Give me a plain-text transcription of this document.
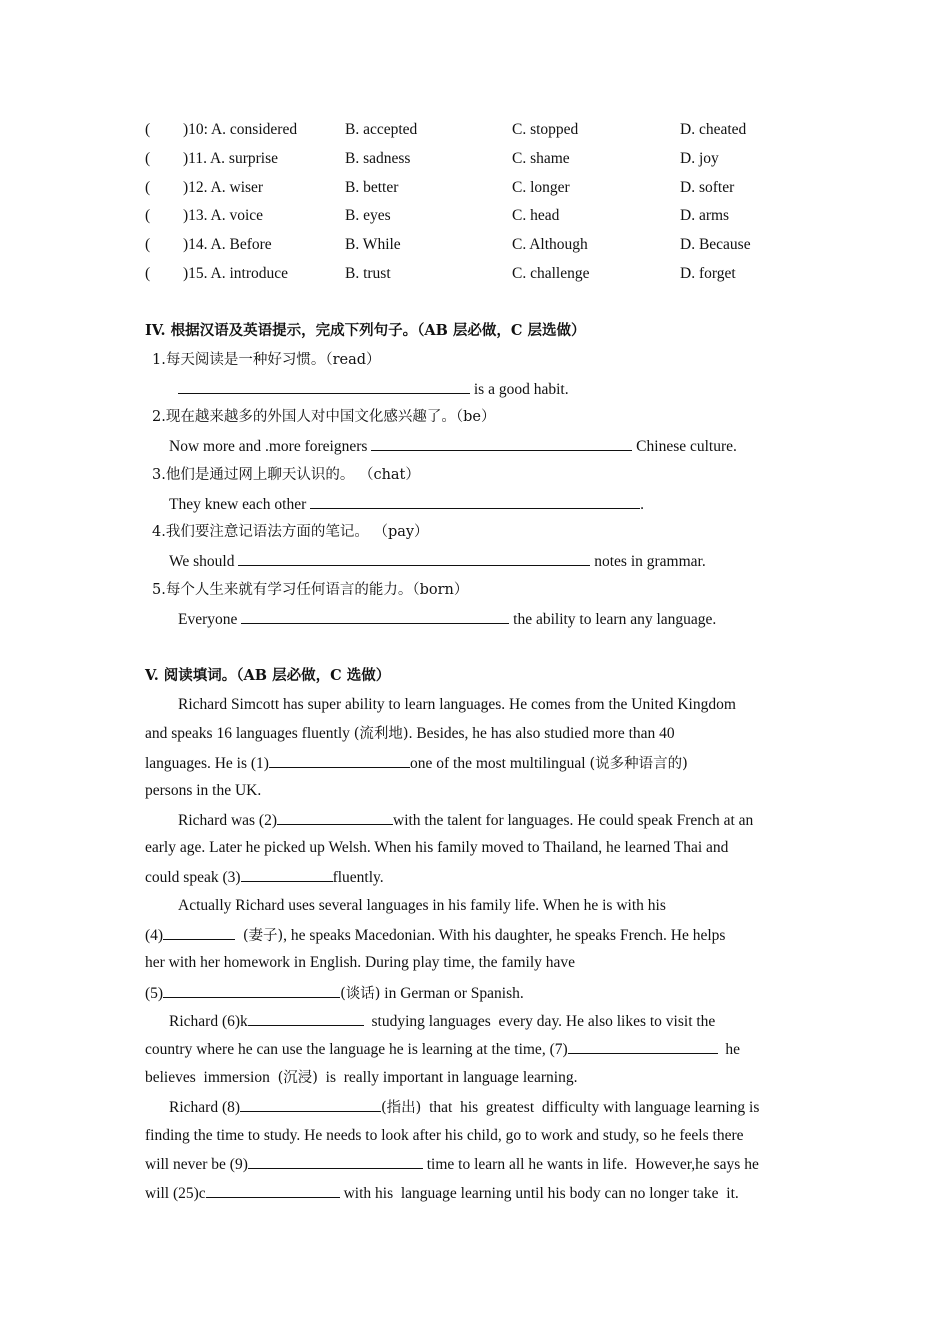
( )10: A. considered	B. accepted	C. stopped	D. cheated
( )11. A. surprise	B. sadness	C. shame	D. joy
( )12. A. wiser	B. better	C. longer	D. softer
( )13. A. voice	B. eyes	C. head	D. arms
( )14. A. Before	B. While	C. Although	D. Because
( )15. A. introduce	B. trust	C. challenge	D. forget
IV. 根据汉语及英语提示，完成下列句子。（AB 层必做，C 层选做）
1.每天阅读是一种好习惯。（read）
is a good habit.
2.现在越来越多的外国人对中国文化感兴趣了。（be）
Now more and .more foreigners	Chinese culture.
3.他们是通过网上聊天认识的。 （chat）
They knew each other	.
4.我们要注意记语法方面的笔记。 （pay）
We should	notes in grammar.
5.每个人生来就有学习任何语言的能力。（born）
Everyone	the ability to learn any language.
V. 阅读填词。（AB 层必做，C 选做）
Richard Simcott has super ability to learn languages. He comes from the United Kingdom
and speaks 16 languages fluently (流利地). Besides, he has also studied more than 40
languages. He is (1)	one of the most multilingual (说多种语言的)
persons in the UK.
Richard was (2)	with the talent for languages. He could speak French at an
early age. Later he picked up Welsh. When his family moved to Thailand, he learned Thai and
could speak (3)	fluently.
Actually Richard uses several languages in his family life. When he is with his
(4)	(妻子), he speaks Macedonian. With his daughter, he speaks French. He helps
her with her homework in English. During play time, the family have
(5)	(谈话) in German or Spanish.
Richard (6)k	studying languages  every day. He also likes to visit the
country where he can use the language he is learning at the time, (7)	he
believes  immersion  (沉浸)  is  really important in language learning.
Richard (8)	(指出)  that  his  greatest  difficulty with language learning is
finding the time to study. He needs to look after his child, go to work and study, so he feels there
will never be (9)	time to learn all he wants in life.  However,he says he
will (25)c	with his  language learning until his body can no longer take  it.
